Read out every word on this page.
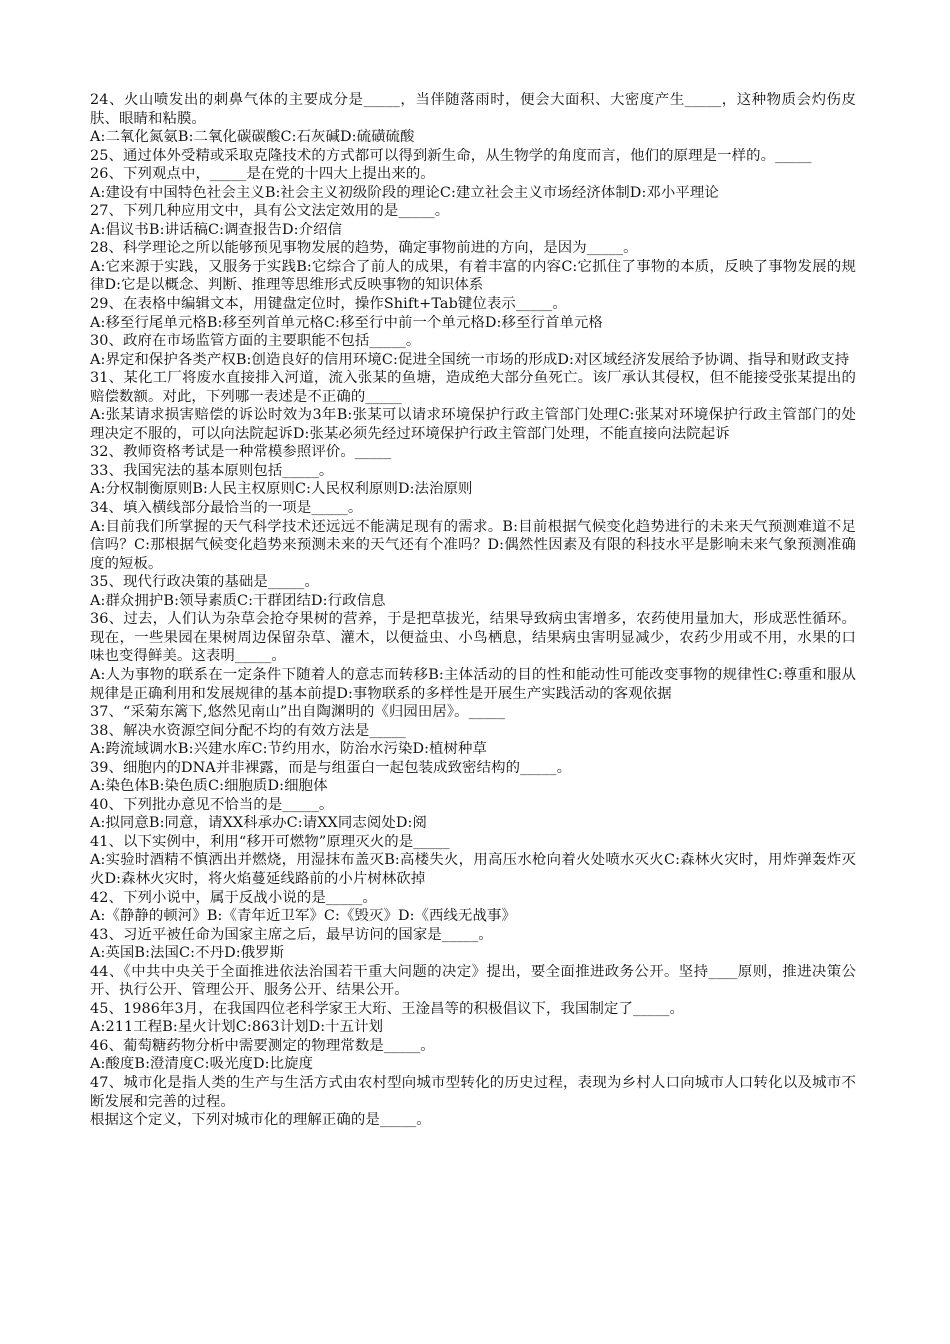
24、火山喷发出的刺鼻气体的主要成分是_____，当伴随落雨时，便会大面积、大密度产生_____，这种物质会灼伤皮肤、眼睛和粘膜。

A:二氧化氮氨B:二氧化碳碳酸C:石灰碱D:硫磺硫酸

25、通过体外受精或采取克隆技术的方式都可以得到新生命，从生物学的角度而言，他们的原理是一样的。_____

26、下列观点中，_____是在党的十四大上提出来的。

A:建设有中国特色社会主义B:社会主义初级阶段的理论C:建立社会主义市场经济体制D:邓小平理论

27、下列几种应用文中，具有公文法定效用的是_____。

A:倡议书B:讲话稿C:调查报告D:介绍信

28、科学理论之所以能够预见事物发展的趋势，确定事物前进的方向，是因为_____。

A:它来源于实践，又服务于实践B:它综合了前人的成果，有着丰富的内容C:它抓住了事物的本质，反映了事物发展的规律D:它是以概念、判断、推理等思维形式反映事物的知识体系

29、在表格中编辑文本，用键盘定位时，操作Shift+Tab键位表示_____。

A:移至行尾单元格B:移至列首单元格C:移至行中前一个单元格D:移至行首单元格

30、政府在市场监管方面的主要职能不包括_____。

A:界定和保护各类产权B:创造良好的信用环境C:促进全国统一市场的形成D:对区域经济发展给予协调、指导和财政支持

31、某化工厂将废水直接排入河道，流入张某的鱼塘，造成绝大部分鱼死亡。该厂承认其侵权，但不能接受张某提出的赔偿数额。对此，下列哪一表述是不正确的_____

A:张某请求损害赔偿的诉讼时效为3年B:张某可以请求环境保护行政主管部门处理C:张某对环境保护行政主管部门的处理决定不服的，可以向法院起诉D:张某必须先经过环境保护行政主管部门处理，不能直接向法院起诉

32、教师资格考试是一种常模参照评价。_____

33、我国宪法的基本原则包括_____。

A:分权制衡原则B:人民主权原则C:人民权利原则D:法治原则

34、填入横线部分最恰当的一项是_____。

A:目前我们所掌握的天气科学技术还远远不能满足现有的需求。B:目前根据气候变化趋势进行的未来天气预测难道不足信吗？C:那根据气候变化趋势来预测未来的天气还有个准吗？D:偶然性因素及有限的科技水平是影响未来气象预测准确度的短板。

35、现代行政决策的基础是_____。

A:群众拥护B:领导素质C:干群团结D:行政信息

36、过去，人们认为杂草会抢夺果树的营养，于是把草拔光，结果导致病虫害增多，农药使用量加大，形成恶性循环。现在，一些果园在果树周边保留杂草、灌木，以便益虫、小鸟栖息，结果病虫害明显减少，农药少用或不用，水果的口味也变得鲜美。这表明_____。

A:人为事物的联系在一定条件下随着人的意志而转移B:主体活动的目的性和能动性可能改变事物的规律性C:尊重和服从规律是正确利用和发展规律的基本前提D:事物联系的多样性是开展生产实践活动的客观依据

37、“采菊东篱下,悠然见南山”出自陶渊明的《归园田居》。_____

38、解决水资源空间分配不均的有效方法是_____

A:跨流域调水B:兴建水库C:节约用水，防治水污染D:植树种草

39、细胞内的DNA并非裸露，而是与组蛋白一起包装成致密结构的_____。

A:染色体B:染色质C:细胞质D:细胞体

40、下列批办意见不恰当的是_____。

A:拟同意B:同意，请XX科承办C:请XX同志阅处D:阅

41、以下实例中，利用“移开可燃物”原理灭火的是_____

A:实验时酒精不慎洒出并燃烧，用湿抹布盖灭B:高楼失火，用高压水枪向着火处喷水灭火C:森林火灾时，用炸弹轰炸灭火D:森林火灾时，将火焰蔓延线路前的小片树林砍掉

42、下列小说中，属于反战小说的是_____。

A:《静静的顿河》B:《青年近卫军》C:《毁灭》D:《西线无战事》

43、习近平被任命为国家主席之后，最早访问的国家是_____。

A:英国B:法国C:不丹D:俄罗斯

44、《中共中央关于全面推进依法治国若干重大问题的决定》提出，要全面推进政务公开。坚持____原则，推进决策公开、执行公开、管理公开、服务公开、结果公开。

45、1986年3月，在我国四位老科学家王大珩、王淦昌等的积极倡议下，我国制定了_____。

A:211工程B:星火计划C:863计划D:十五计划

46、葡萄糖药物分析中需要测定的物理常数是_____。

A:酸度B:澄清度C:吸光度D:比旋度

47、城市化是指人类的生产与生活方式由农村型向城市型转化的历史过程，表现为乡村人口向城市人口转化以及城市不断发展和完善的过程。

根据这个定义，下列对城市化的理解正确的是_____。
